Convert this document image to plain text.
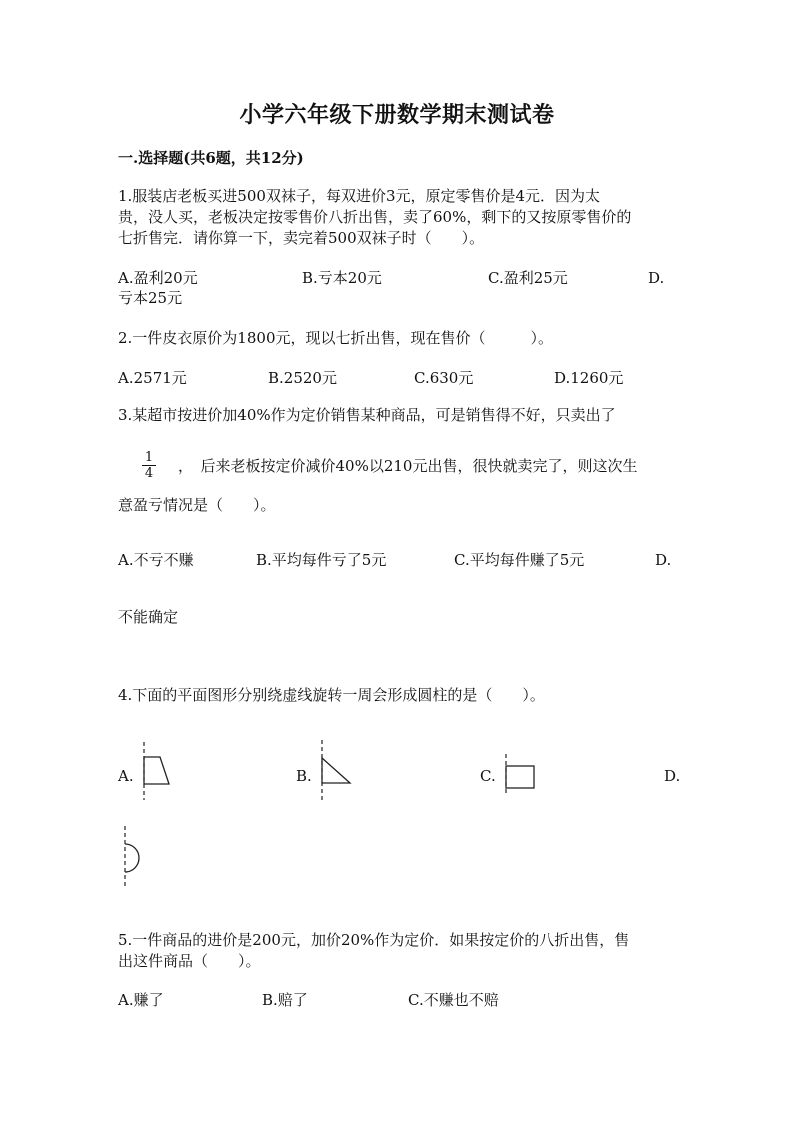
小学六年级下册数学期末测试卷
一.选择题(共6题，共12分)
1.服装店老板买进500双袜子，每双进价3元，原定零售价是4元．因为太
贵，没人买，老板决定按零售价八折出售，卖了60%，剩下的又按原零售价的
七折售完．请你算一下，卖完着500双袜子时（　　）。
A.盈利20元	B.亏本20元	C.盈利25元	D.
亏本25元
2.一件皮衣原价为1800元，现以七折出售，现在售价（　　　）。
A.2571元	B.2520元	C.630元	D.1260元
3.某超市按进价加40%作为定价销售某种商品，可是销售得不好，只卖出了
$\frac{1}{4}$ ，　后来老板按定价减价40%以210元出售，很快就卖完了，则这次生
意盈亏情况是（　　）。
A.不亏不赚	B.平均每件亏了5元	C.平均每件赚了5元	D.
不能确定
4.下面的平面图形分别绕虚线旋转一周会形成圆柱的是（　　）。
A.	B.	C.	D.
5.一件商品的进价是200元，加价20%作为定价．如果按定价的八折出售，售
出这件商品（　　）。
A.赚了	B.赔了	C.不赚也不赔
